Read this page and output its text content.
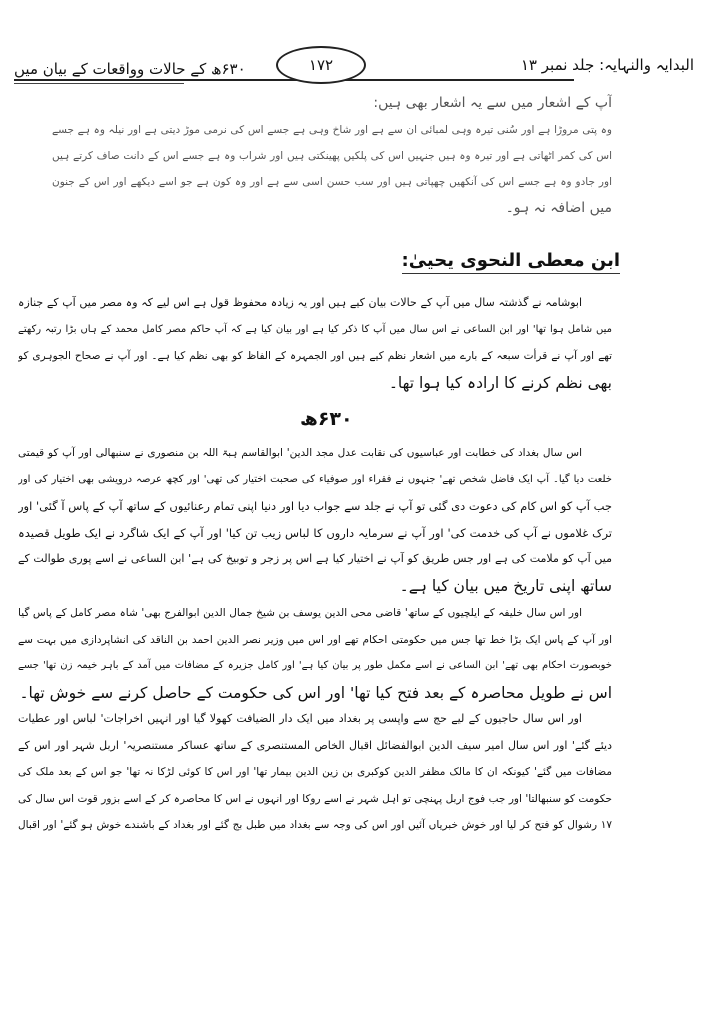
البدایہ والنہایہ: جلد نمبر ۱۳
۶۳۰ھ کے حالات وواقعات کے بیان میں	۱۷۲
آپ کے اشعار میں سے یہ اشعار بھی ہیں:
وہ پتی مروڑا ہے اور سُنی تیرہ وہی لمبائی ان سے ہے اور شاخ وہی ہے جسے اس کی نرمی موڑ دیتی ہے اور نیلہ وہ ہے جسے
اس کی کمر اٹھاتی ہے اور تیرہ وہ ہیں جنہیں اس کی پلکیں پھینکتی ہیں اور شراب وہ ہے جسے اس کے دانت صاف کرتے ہیں
اور جادو وہ ہے جسے اس کی آنکھیں چھپاتی ہیں اور سب حسن اسی سے ہے اور وہ کون ہے جو اسے دیکھے اور اس کے جنون
میں اضافہ نہ ہو۔
ابن معطی النحوی یحییٰ:
ابوشامہ نے گذشتہ سال میں آپ کے حالات بیان کیے ہیں اور یہ زیادہ محفوظ قول ہے اس لیے کہ وہ مصر میں آپ کے جنازہ
میں شامل ہوا تھا' اور ابن الساعی نے اس سال میں آپ کا ذکر کیا ہے اور بیان کیا ہے کہ آپ حاکم مصر کامل محمد کے ہاں بڑا رتبہ رکھتے
تھے اور آپ نے قرأت سبعہ کے بارے میں اشعار نظم کیے ہیں اور الجمہرہ کے الفاظ کو بھی نظم کیا ہے۔ اور آپ نے صحاح الجوہری کو
بھی نظم کرنے کا ارادہ کیا ہوا تھا۔
۶۳۰ھ
اس سال بغداد کی خطابت اور عباسیوں کی نقابت عدل مجد الدین' ابوالقاسم ہبۃ اللہ بن منصوری نے سنبھالی اور آپ کو قیمتی
خلعت دیا گیا۔ آپ ایک فاضل شخص تھے' جنہوں نے فقراء اور صوفیاء کی صحبت اختیار کی تھی' اور کچھ عرصہ درویشی بھی اختیار کی اور
جب آپ کو اس کام کی دعوت دی گئی تو آپ نے جلد سے جواب دیا اور دنیا اپنی تمام رعنائیوں کے ساتھ آپ کے پاس آ گئی' اور
ترک غلاموں نے آپ کی خدمت کی' اور آپ نے سرمایہ داروں کا لباس زیب تن کیا' اور آپ کے ایک شاگرد نے ایک طویل قصیدہ
میں آپ کو ملامت کی ہے اور جس طریق کو آپ نے اختیار کیا ہے اس پر زجر و توبیخ کی ہے' ابن الساعی نے اسے پوری طوالت کے
ساتھ اپنی تاریخ میں بیان کیا ہے۔
اور اس سال خلیفہ کے ایلچیوں کے ساتھ' قاضی محی الدین یوسف بن شیخ جمال الدین ابوالفرج بھی' شاہ مصر کامل کے پاس گیا
اور آپ کے پاس ایک بڑا خط تھا جس میں حکومتی احکام تھے اور اس میں وزیر نصر الدین احمد بن الناقد کی انشاپردازی میں بہت سے
خوبصورت احکام بھی تھے' ابن الساعی نے اسے مکمل طور پر بیان کیا ہے' اور کامل جزیرہ کے مضافات میں آمد کے باہر خیمہ زن تھا' جسے
اس نے طویل محاصرہ کے بعد فتح کیا تھا' اور اس کی حکومت کے حاصل کرنے سے خوش تھا۔
اور اس سال حاجیوں کے لیے حج سے واپسی پر بغداد میں ایک دار الضیافت کھولا گیا اور انہیں اخراجات' لباس اور عطیات
دیئے گئے' اور اس سال امیر سیف الدین ابوالفضائل اقبال الخاص المستنصری کے ساتھ عساکر مستنصریہ' اربل شہر اور اس کے
مضافات میں گئے' کیونکہ ان کا مالک مظفر الدین کوکبری بن زین الدین بیمار تھا' اور اس کا کوئی لڑکا نہ تھا' جو اس کے بعد ملک کی
حکومت کو سنبھالتا' اور جب فوج اربل پہنچی تو اہل شہر نے اسے روکا اور انہوں نے اس کا محاصرہ کر کے اسے بزور قوت اس سال کی
۱۷ رشوال کو فتح کر لیا اور خوش خبریاں آئیں اور اس کی وجہ سے بغداد میں طبل بج گئے اور بغداد کے باشندے خوش ہو گئے' اور اقبال
